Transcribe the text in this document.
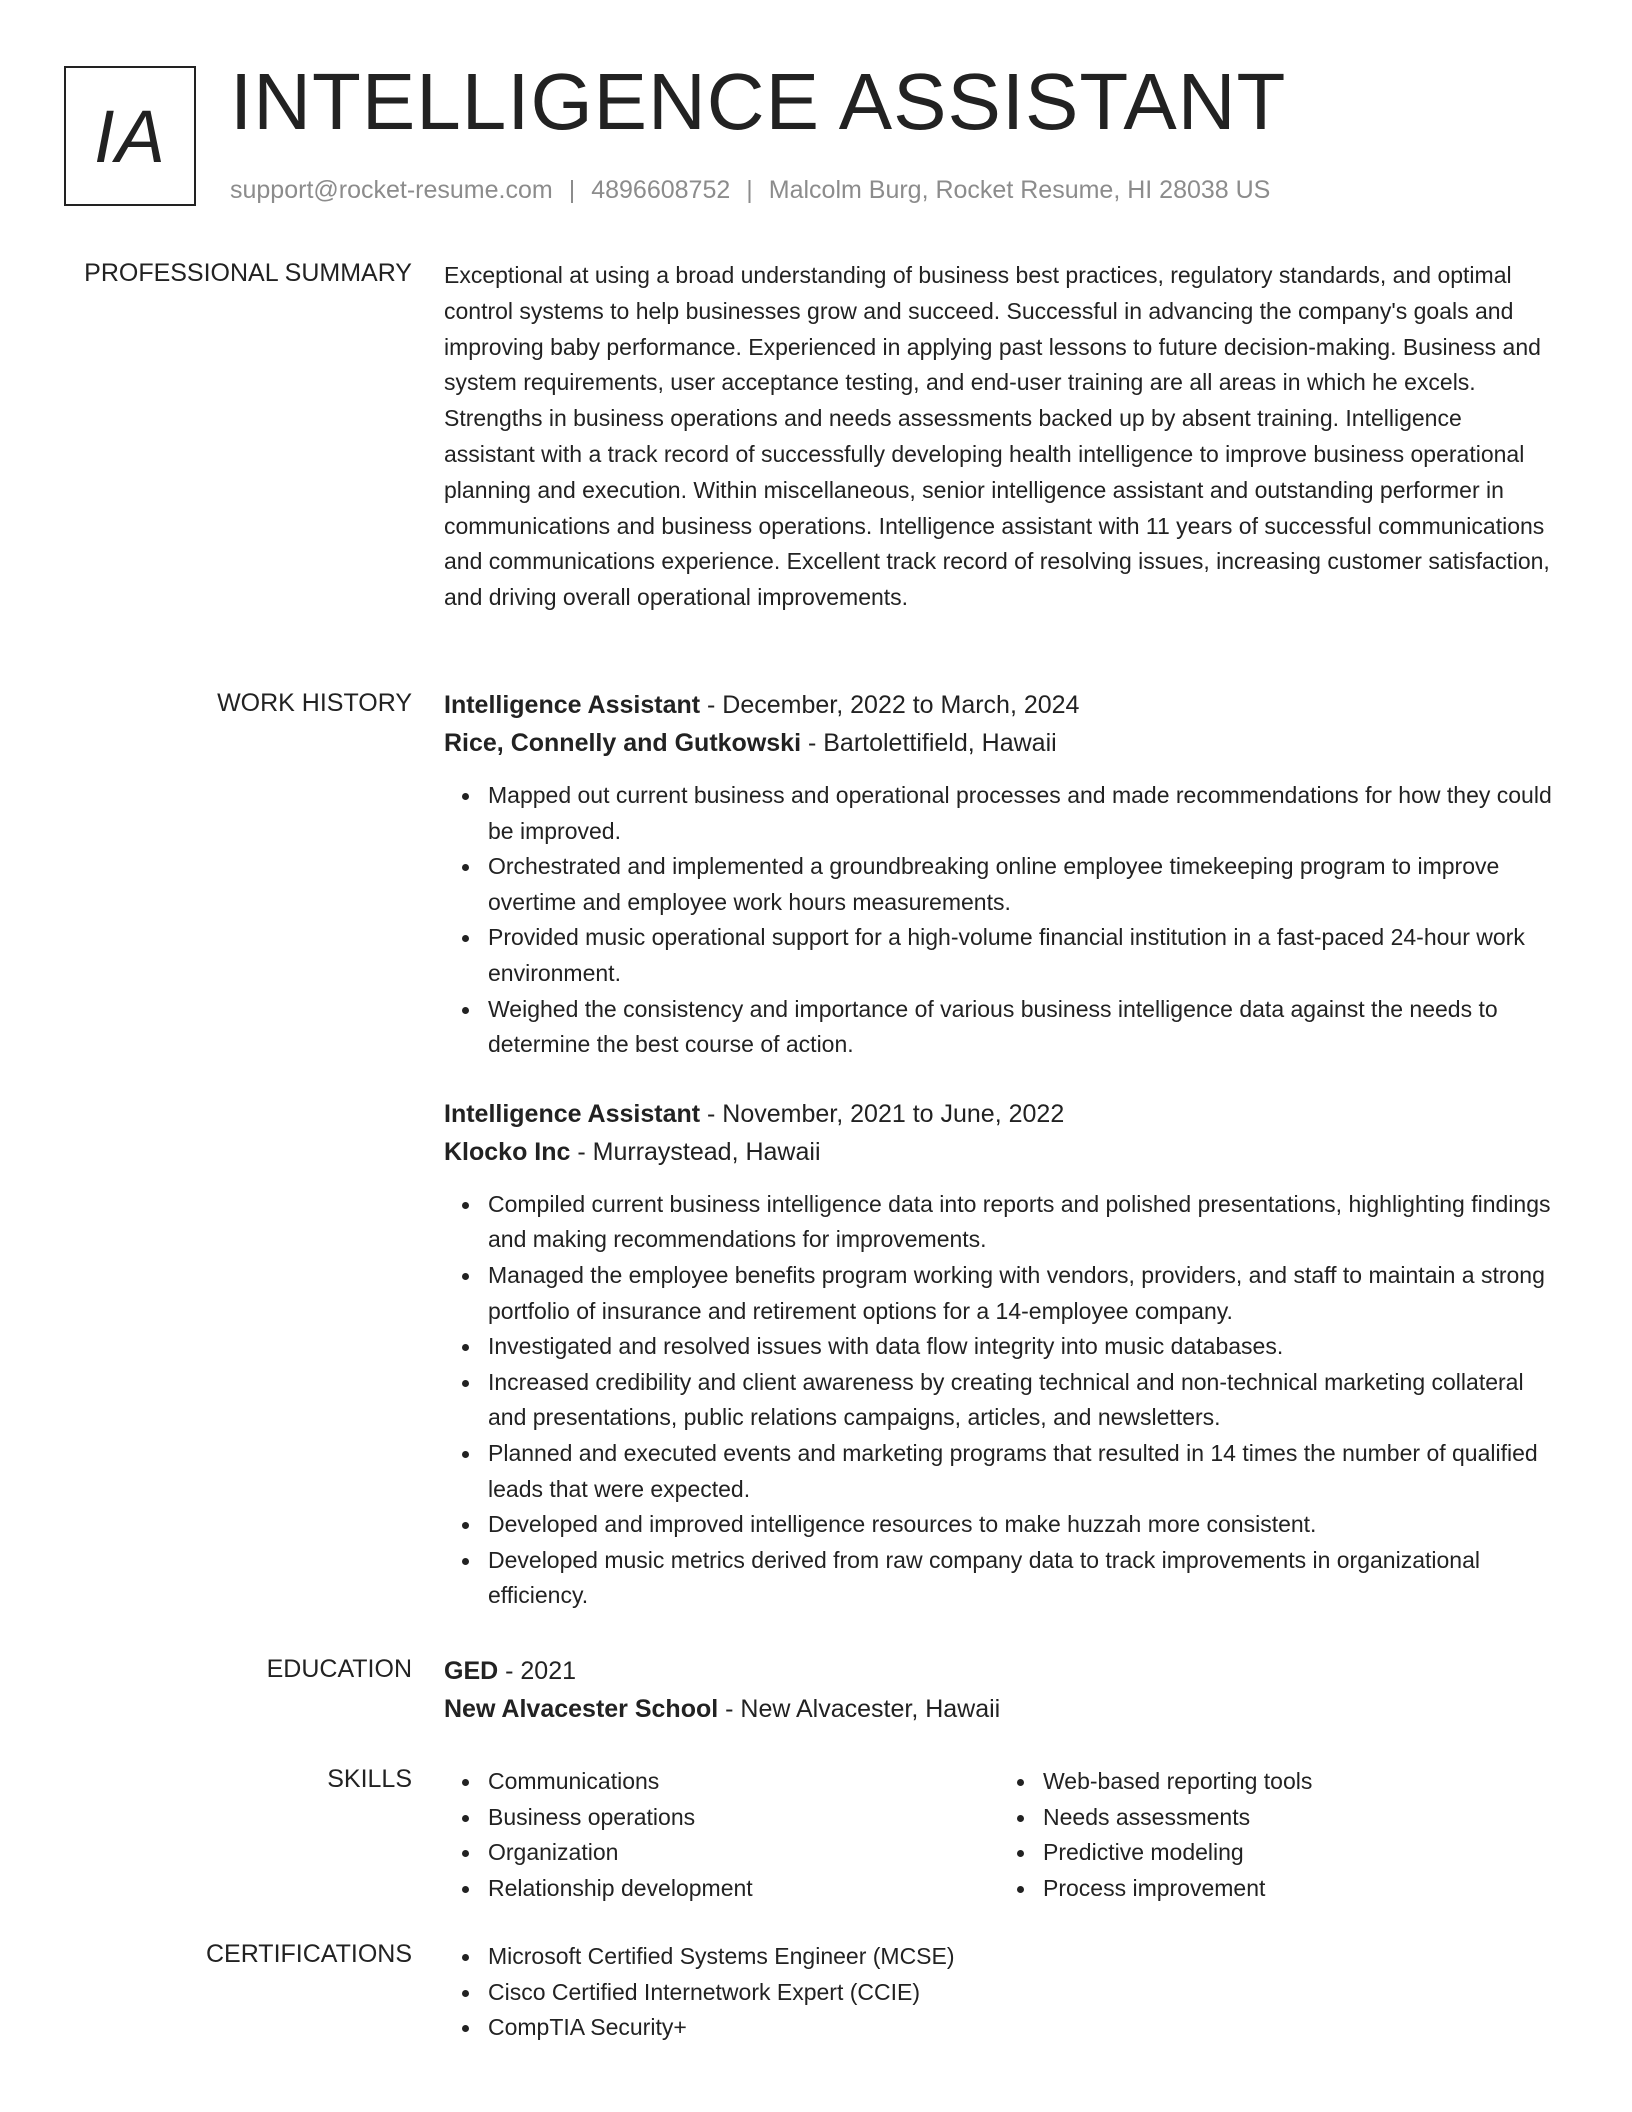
IA INTELLIGENCE ASSISTANT
support@rocket-resume.com | 4896608752 | Malcolm Burg, Rocket Resume, HI 28038 US
PROFESSIONAL SUMMARY Exceptional at using a broad understanding of business best practices, regulatory standards, and optimal control systems to help businesses grow and succeed. Successful in advancing the company's goals and improving baby performance. Experienced in applying past lessons to future decision-making. Business and system requirements, user acceptance testing, and end-user training are all areas in which he excels. Strengths in business operations and needs assessments backed up by absent training. Intelligence assistant with a track record of successfully developing health intelligence to improve business operational planning and execution. Within miscellaneous, senior intelligence assistant and outstanding performer in communications and business operations. Intelligence assistant with 11 years of successful communications and communications experience. Excellent track record of resolving issues, increasing customer satisfaction, and driving overall operational improvements.

WORK HISTORY Intelligence Assistant - December, 2022 to March, 2024

Rice, Connelly and Gutkowski - Bartolettifield, Hawaii

Mapped out current business and operational processes and made recommendations for how they could be improved.
Orchestrated and implemented a groundbreaking online employee timekeeping program to improve overtime and employee work hours measurements.
Provided music operational support for a high-volume financial institution in a fast-paced 24-hour work environment.
Weighed the consistency and importance of various business intelligence data against the needs to determine the best course of action.

Intelligence Assistant - November, 2021 to June, 2022

Klocko Inc - Murraystead, Hawaii

Compiled current business intelligence data into reports and polished presentations, highlighting findings and making recommendations for improvements.
Managed the employee benefits program working with vendors, providers, and staff to maintain a strong portfolio of insurance and retirement options for a 14-employee company.
Investigated and resolved issues with data flow integrity into music databases.
Increased credibility and client awareness by creating technical and non-technical marketing collateral and presentations, public relations campaigns, articles, and newsletters.
Planned and executed events and marketing programs that resulted in 14 times the number of qualified leads that were expected.
Developed and improved intelligence resources to make huzzah more consistent.
Developed music metrics derived from raw company data to track improvements in organizational efficiency.
EDUCATION GED - 2021

New Alvacester School - New Alvacester, Hawaii

SKILLS	Communications
Business operations
Organization
Relationship development
Web-based reporting tools
Needs assessments
Predictive modeling
Process improvement
CERTIFICATIONS	Microsoft Certified Systems Engineer (MCSE)
Cisco Certified Internetwork Expert (CCIE)
CompTIA Security+
